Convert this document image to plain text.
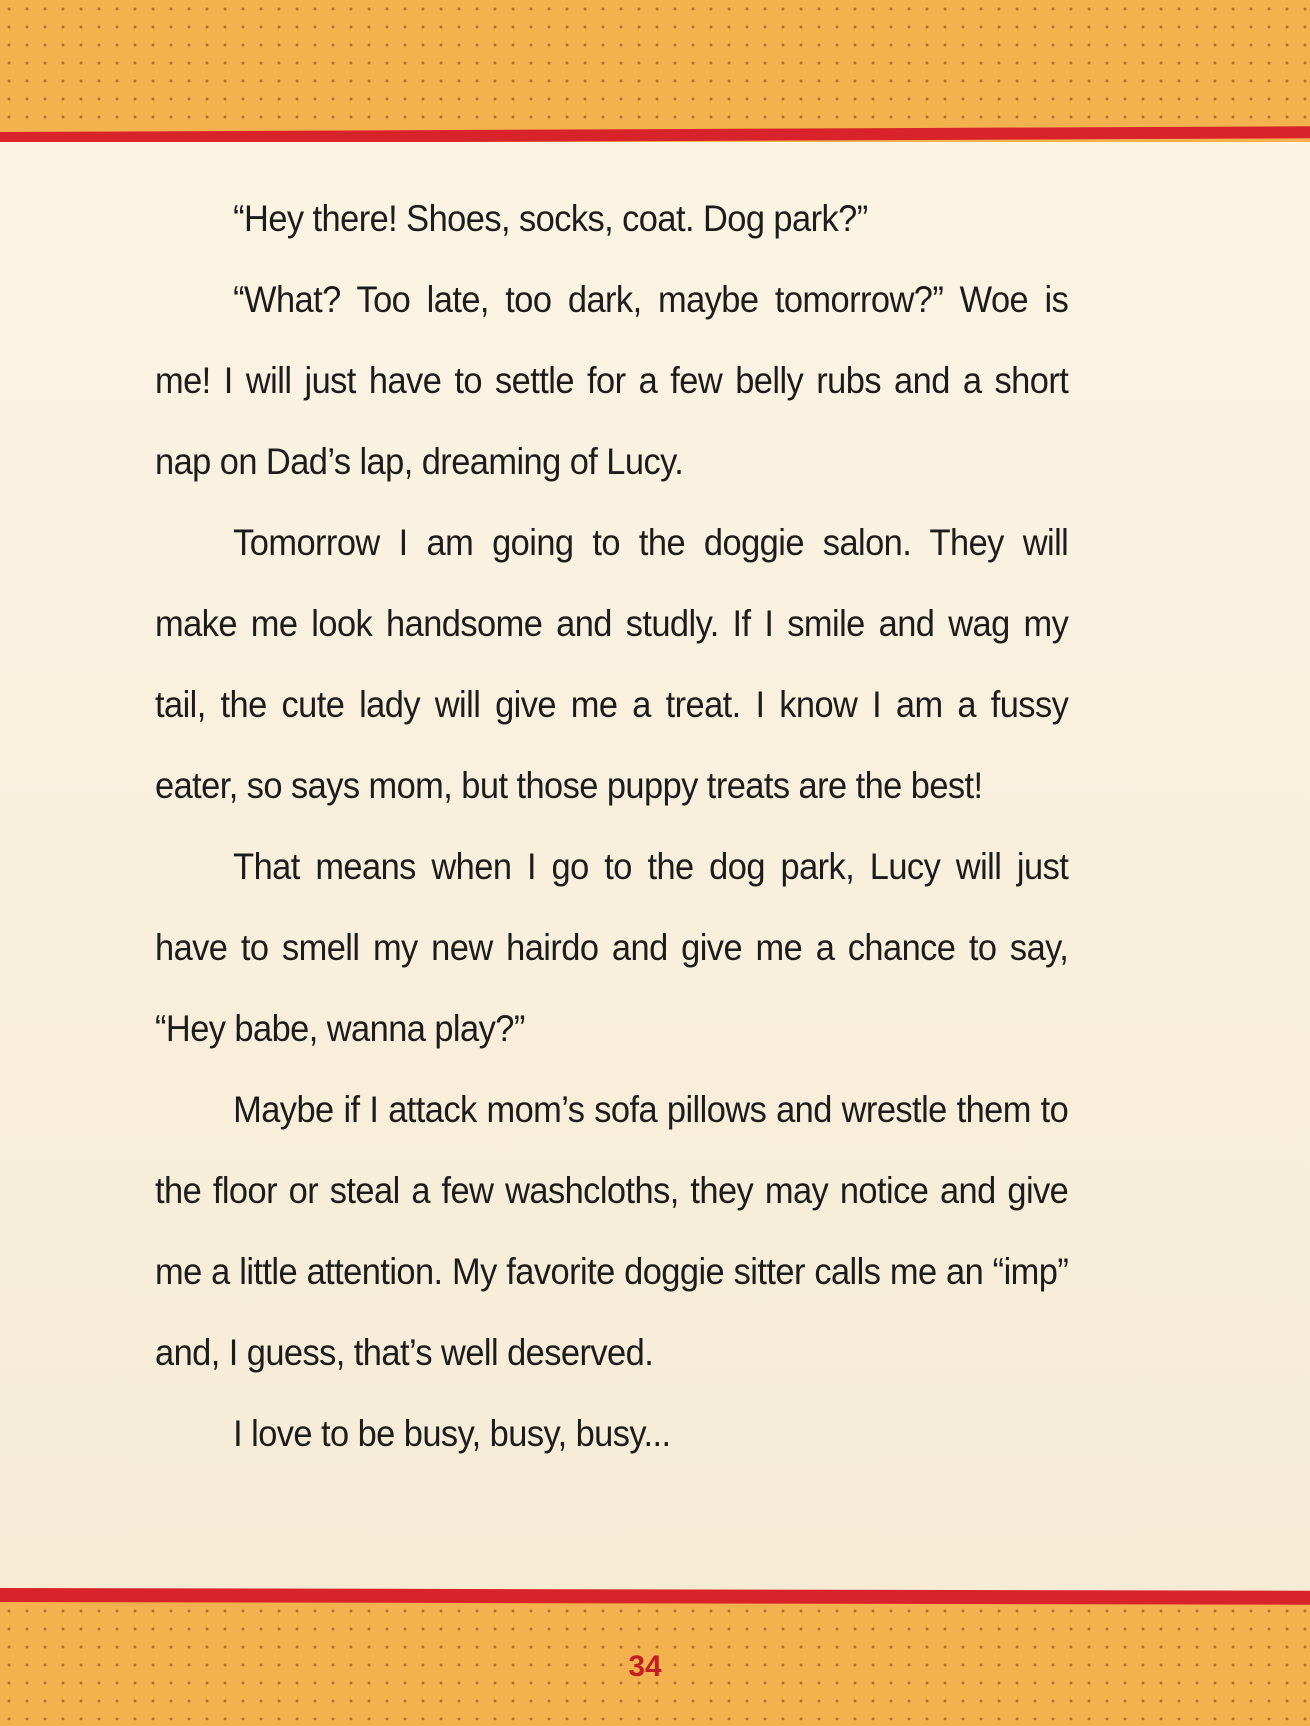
“Hey there! Shoes, socks, coat. Dog park?”

“What? Too late, too dark, maybe tomorrow?” Woe is me! I will just have to settle for a few belly rubs and a short nap on Dad’s lap, dreaming of Lucy.

Tomorrow I am going to the doggie salon. They will make me look handsome and studly. If I smile and wag my tail, the cute lady will give me a treat. I know I am a fussy eater, so says mom, but those puppy treats are the best!

That means when I go to the dog park, Lucy will just have to smell my new hairdo and give me a chance to say, “Hey babe, wanna play?”

Maybe if I attack mom’s sofa pillows and wrestle them to the floor or steal a few washcloths, they may notice and give me a little attention. My favorite doggie sitter calls me an “imp” and, I guess, that’s well deserved.

I love to be busy, busy, busy...

34
